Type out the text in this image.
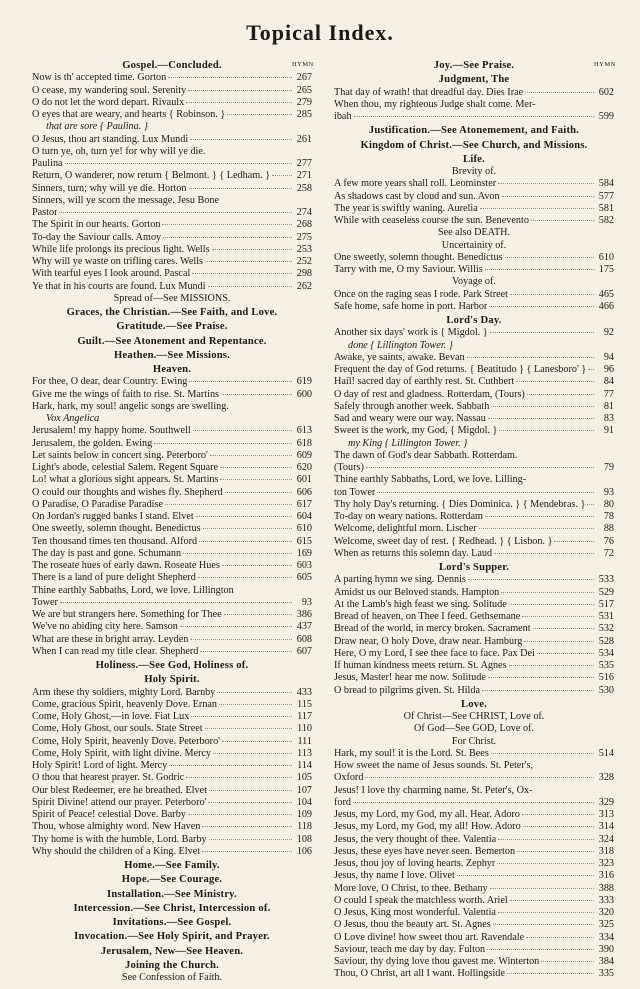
Topical Index.
HYMN	HYMN
Gospel.—Concluded.
Now is th' accepted time. Gorton	267
O cease, my wandering soul. Serenity	265
O do not let the word depart. Rivaulx	279
O eyes that are weary, and hearts { Robinson. }	285
that are sore { Paulina. }
O Jesus, thou art standing. Lux Mundi	261
O turn ye, oh, turn ye! for why will ye die.
Paulina	277
Return, O wanderer, now return { Belmont. } { Ledham. }	271
Sinners, turn; why will ye die. Horton	258
Sinners, will ye scorn the message. Jesu Bone
Pastor	274
The Spirit in our hearts. Gorton	268
To-day the Saviour calls. Amoy	275
While life prolongs its precious light. Wells	253
Why will ye waste on trifling cares. Wells	252
With tearful eyes I look around. Pascal	298
Ye that in his courts are found. Lux Mundi	262
Spread of—See MISSIONS.
Graces, the Christian.—See Faith, and Love.
Gratitude.—See Praise.
Guilt.—See Atonement and Repentance.
Heathen.—See Missions.
Heaven.
For thee, O dear, dear Country. Ewing	619
Give me the wings of faith to rise. St. Martins	600
Hark, hark, my soul! angelic songs are swelling.
Vox Angelica
Jerusalem! my happy home. Southwell	613
Jerusalem, the golden. Ewing	618
Let saints below in concert sing. Peterboro'	609
Light's abode, celestial Salem. Regent Square	620
Lo! what a glorious sight appears. St. Martins	601
O could our thoughts and wishes fly. Shepherd	606
O Paradise, O Paradise Paradise	617
On Jordan's rugged banks I stand. Elvet	604
One sweetly, solemn thought. Benedictus	610
Ten thousand times ten thousand. Alford	615
The day is past and gone. Schumann	169
The roseate hues of early dawn. Roseate Hues	603
There is a land of pure delight Shepherd	605
Thine earthly Sabbaths, Lord, we love. Lillington
Tower	93
We are but strangers here. Something for Thee	386
We've no abiding city here. Samson	437
What are these in bright array. Leyden	608
When I can read my title clear. Shepherd	607
Holiness.—See God, Holiness of.
Holy Spirit.
Arm these thy soldiers, mighty Lord. Barnby	433
Come, gracious Spirit, heavenly Dove. Ernan	115
Come, Holy Ghost,—in love. Fiat Lux	117
Come, Holy Ghost, our souls. State Street	110
Come, Holy Spirit, heavenly Dove. Peterboro'	111
Come, Holy Spirit, with light divine. Mercy	113
Holy Spirit! Lord of light. Mercy	114
O thou that hearest prayer. St. Godric	105
Our blest Redeemer, ere he breathed. Elvet	107
Spirit Divine! attend our prayer. Peterboro'	104
Spirit of Peace! celestial Dove. Barby	109
Thou, whose almighty word. New Haven	118
Thy home is with the humble, Lord. Barby	108
Why should the children of a King. Elvet	106
Home.—See Family.
Hope.—See Courage.
Installation.—See Ministry.
Intercession.—See Christ, Intercession of.
Invitations.—See Gospel.
Invocation.—See Holy Spirit, and Prayer.
Jerusalem, New—See Heaven.
Joining the Church.
See Confession of Faith.
Joy.—See Praise.
Judgment, The
That day of wrath! that dreadful day. Dies Irae	602
When thou, my righteous Judge shalt come. Mer-
ibah	599
Justification.—See Atonemement, and Faith.
Kingdom of Christ.—See Church, and Missions.
Life.
Brevity of.
A few more years shall roll. Leominster	584
As shadows cast by cloud and sun. Avon	577
The year is swiftly waning. Aurelia	581
While with ceaseless course the sun. Benevento	582
See also DEATH.
Uncertainity of.
One sweetly, solemn thought. Benedictus	610
Tarry with me, O my Saviour. Willis	175
Voyage of.
Once on the raging seas I rode. Park Street	465
Safe home, safe home in port. Harbor	466
Lord's Day.
Another six days' work is { Migdol. }	92
done { Lillington Tower. }
Awake, ye saints, awake. Bevan	94
Frequent the day of God returns. { Beatitudo } { Lanesboro' }	96
Hail! sacred day of earthly rest. St. Cuthbert	84
O day of rest and gladness. Rotterdam, (Tours)	77
Safely through another week. Sabbath	81
Sad and weary were our way. Nassau	83
Sweet is the work, my God, { Migdol. }	91
my King { Lillington Tower. }
The dawn of God's dear Sabbath. Rotterdam.
(Tours)	79
Thine earthly Sabbaths, Lord, we love. Lilling-
ton Tower	93
Thy holy Day's returning. { Dies Dominica. } { Mendebras. }	80
To-day on weary nations. Rotterdam	78
Welcome, delightful morn. Lischer	88
Welcome, sweet day of rest. { Redhead. } { Lisbon. }	76
When as returns this solemn day. Laud	72
Lord's Supper.
A parting hymn we sing. Dennis	533
Amidst us our Beloved stands. Hampton	529
At the Lamb's high feast we sing. Solitude	517
Bread of heaven, on Thee I feed. Gethsemane	531
Bread of the world, in mercy broken. Sacrament	532
Draw near, O holy Dove, draw near. Hamburg	528
Here, O my Lord, I see thee face to face. Pax Dei	534
If human kindness meets return. St. Agnes	535
Jesus, Master! hear me now. Solitude	516
O bread to pilgrims given. St. Hilda	530
Love.
Of Christ—See CHRIST, Love of.
Of God—See GOD, Love of.
For Christ.
Hark, my soul! it is the Lord. St. Bees	514
How sweet the name of Jesus sounds. St. Peter's,
Oxford	328
Jesus! I love thy charming name. St. Peter's, Ox-
ford	329
Jesus, my Lord, my God, my all. Hear. Adoro	313
Jesus, my Lord, my God, my all! How. Adoro	314
Jesus, the very thought of thee. Valentia	324
Jesus, these eyes have never seen. Bemerton	318
Jesus, thou joy of loving hearts. Zephyr	323
Jesus, thy name I love. Olivet	316
More love, O Christ, to thee. Bethany	388
O could I speak the matchless worth. Ariel	333
O Jesus, King most wonderful. Valentia	320
O Jesus, thou the beauty art. St. Agnes	325
O Love divine! how sweet thou art. Ravendale	334
Saviour, teach me day by day. Fulton	390
Saviour, thy dying love thou gavest me. Winterton	384
Thou, O Christ, art all I want. Hollingside	335
